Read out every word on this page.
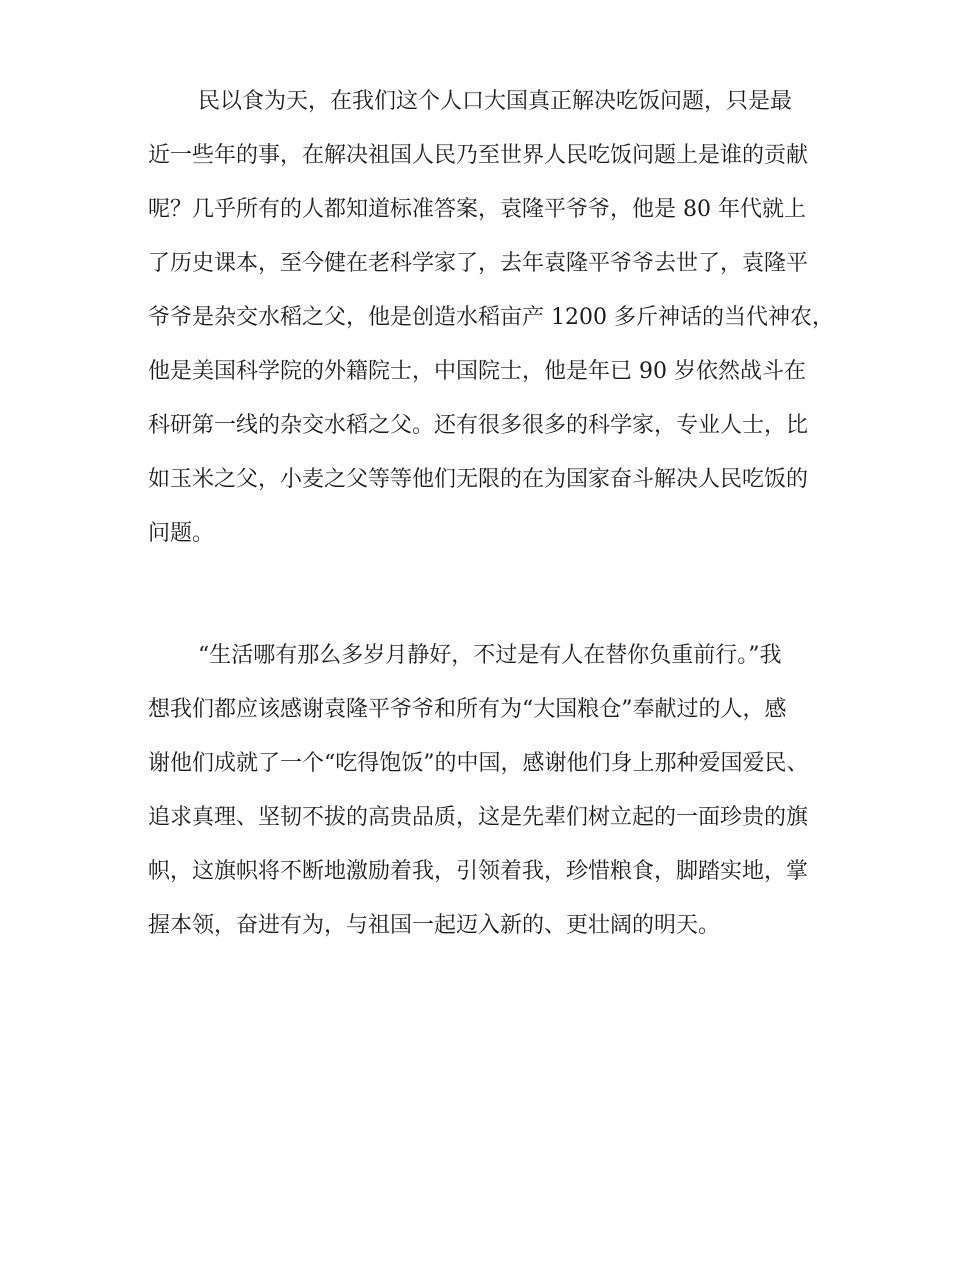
民以食为天，在我们这个人口大国真正解决吃饭问题，只是最
近一些年的事，在解决祖国人民乃至世界人民吃饭问题上是谁的贡献
呢？几乎所有的人都知道标准答案，袁隆平爷爷，他是 80 年代就上
了历史课本，至今健在老科学家了，去年袁隆平爷爷去世了，袁隆平
爷爷是杂交水稻之父，他是创造水稻亩产 1200 多斤神话的当代神农，
他是美国科学院的外籍院士，中国院士，他是年已 90 岁依然战斗在
科研第一线的杂交水稻之父。还有很多很多的科学家，专业人士，比
如玉米之父，小麦之父等等他们无限的在为国家奋斗解决人民吃饭的
问题。
“生活哪有那么多岁月静好，不过是有人在替你负重前行。”我
想我们都应该感谢袁隆平爷爷和所有为“大国粮仓”奉献过的人，感
谢他们成就了一个“吃得饱饭”的中国，感谢他们身上那种爱国爱民、
追求真理、坚韧不拔的高贵品质，这是先辈们树立起的一面珍贵的旗
帜，这旗帜将不断地激励着我，引领着我，珍惜粮食，脚踏实地，掌
握本领，奋进有为，与祖国一起迈入新的、更壮阔的明天。
